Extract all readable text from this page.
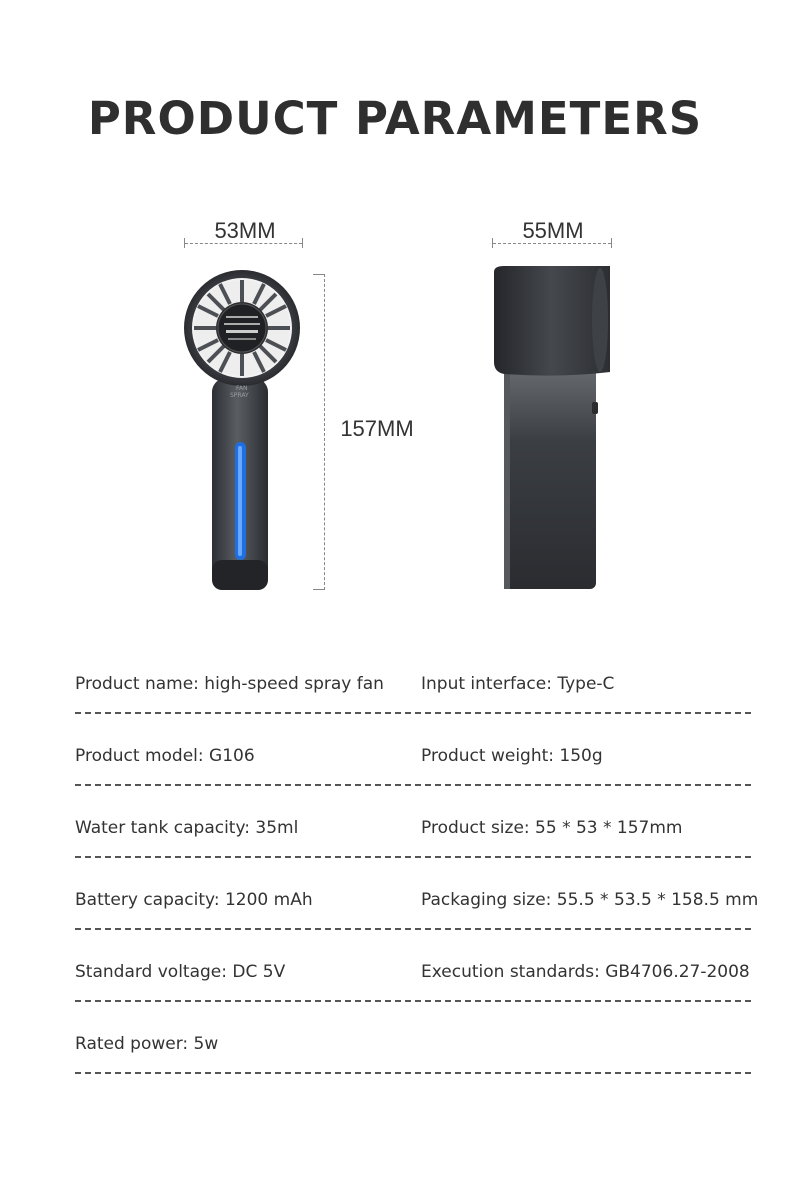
PRODUCT PARAMETERS
53MM	55MM
157MM
FAN
SPRAY
Product name: high-speed spray fan Input interface: Type-C
Product model: G106	Product weight: 150g
Water tank capacity: 35ml	Product size: 55 * 53 * 157mm
Battery capacity: 1200 mAh	Packaging size: 55.5 * 53.5 * 158.5 mm
Standard voltage: DC 5V	Execution standards: GB4706.27-2008
Rated power: 5w
